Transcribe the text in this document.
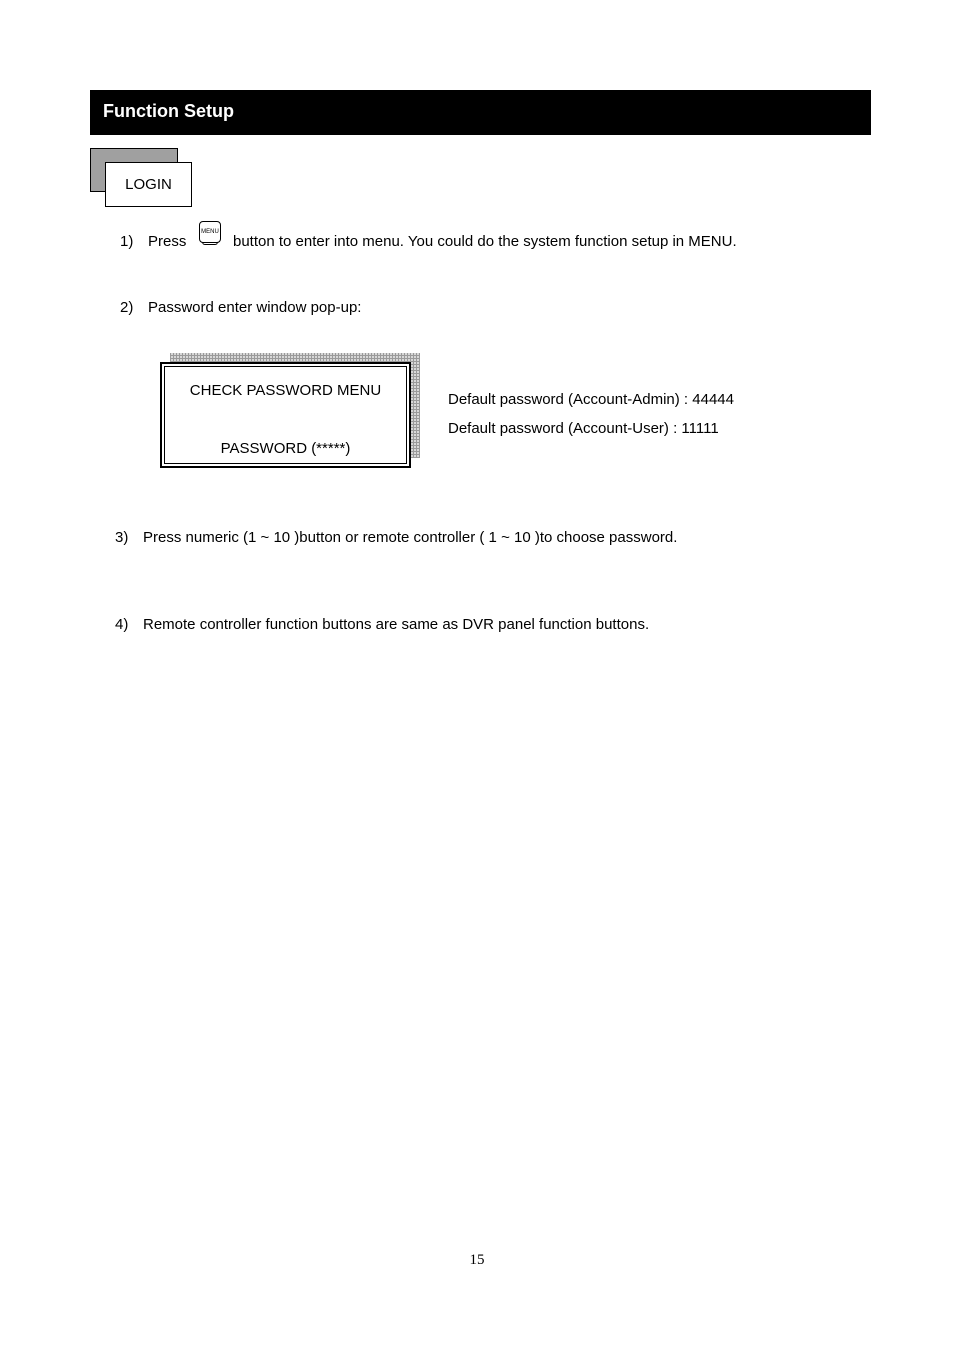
Function Setup
LOGIN
1) Press	button to enter into menu. You could do the system function setup in MENU.
MENU
2) Password enter window pop-up:
CHECK PASSWORD MENU
PASSWORD (*****)
Default password (Account-Admin) : 44444
Default password (Account-User) : 11111
3) Press numeric (1 ~ 10 )button or remote controller ( 1 ~ 10 )to choose password.
4) Remote controller function buttons are same as DVR panel function buttons.
15
